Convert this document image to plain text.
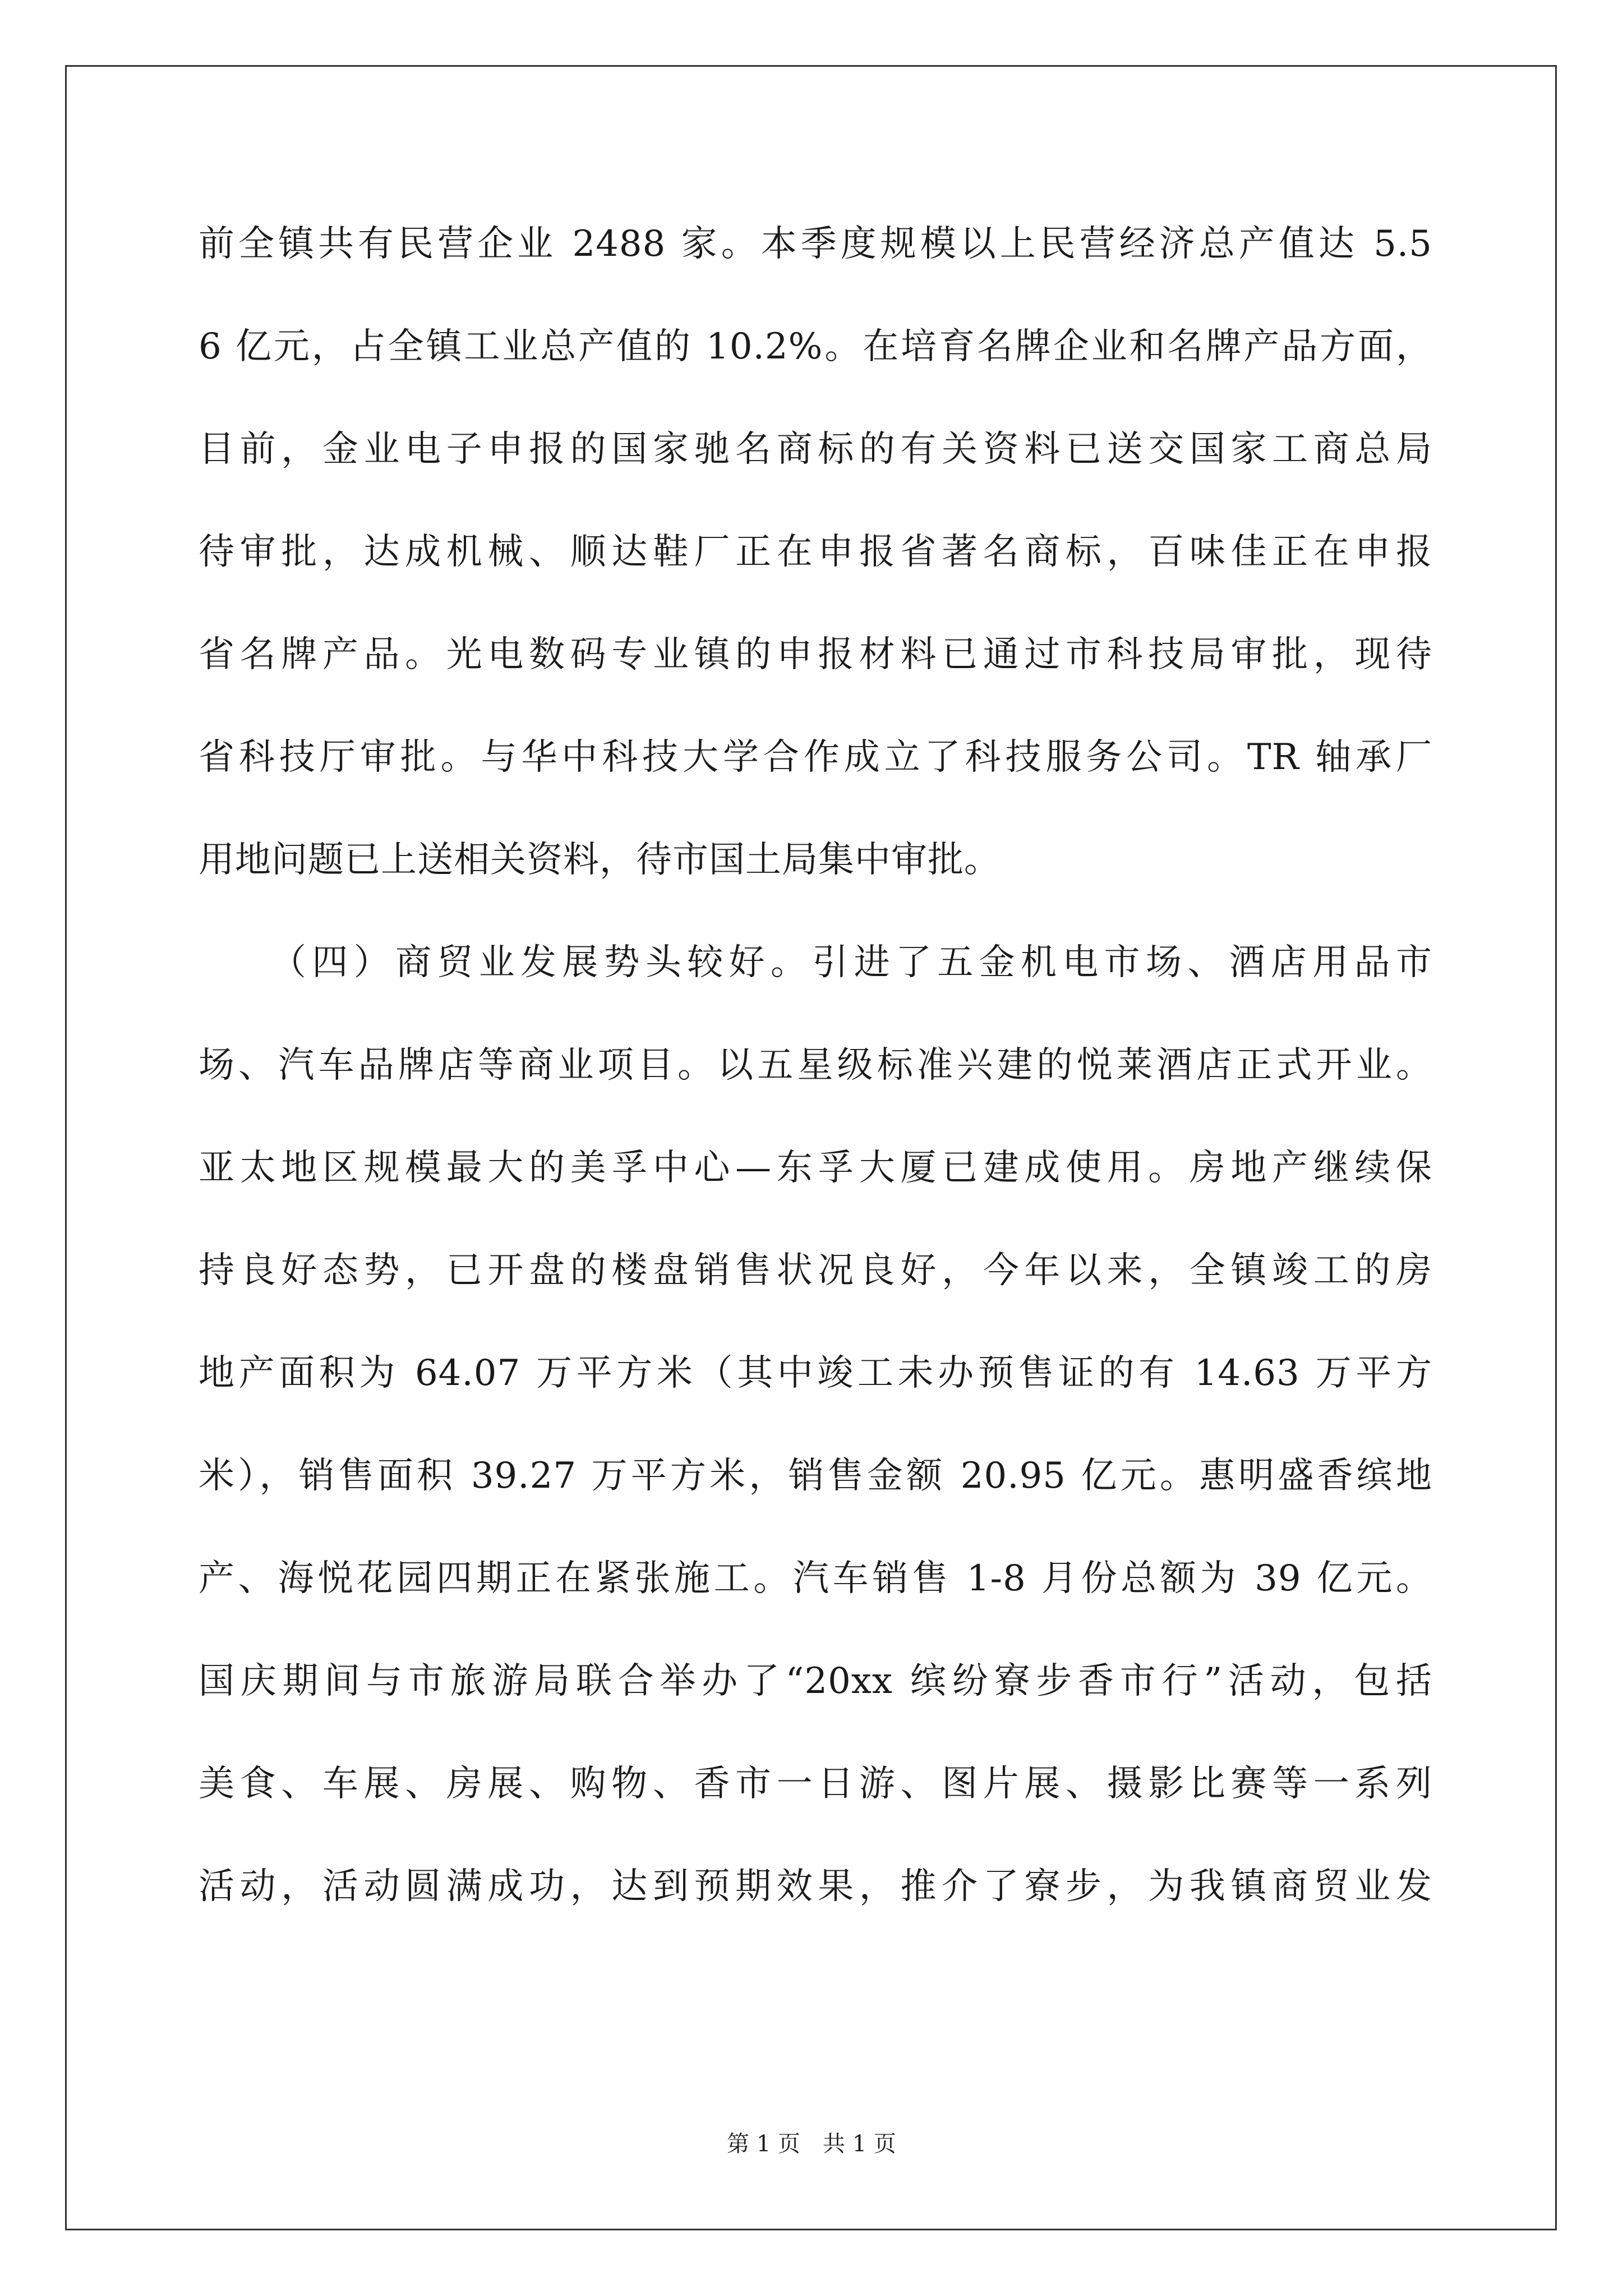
前全镇共有民营企业 2488 家。本季度规模以上民营经济总产值达 5.5
6 亿元，占全镇工业总产值的 10.2%。在培育名牌企业和名牌产品方面，
目前，金业电子申报的国家驰名商标的有关资料已送交国家工商总局
待审批，达成机械、顺达鞋厂正在申报省著名商标，百味佳正在申报
省名牌产品。光电数码专业镇的申报材料已通过市科技局审批，现待
省科技厅审批。与华中科技大学合作成立了科技服务公司。TR 轴承厂
用地问题已上送相关资料，待市国土局集中审批。
（四）商贸业发展势头较好。引进了五金机电市场、酒店用品市
场、汽车品牌店等商业项目。以五星级标准兴建的悦莱酒店正式开业。
亚太地区规模最大的美孚中心—东孚大厦已建成使用。房地产继续保
持良好态势，已开盘的楼盘销售状况良好，今年以来，全镇竣工的房
地产面积为 64.07 万平方米（其中竣工未办预售证的有 14.63 万平方
米），销售面积 39.27 万平方米，销售金额 20.95 亿元。惠明盛香缤地
产、海悦花园四期正在紧张施工。汽车销售 1-8 月份总额为 39 亿元。
国庆期间与市旅游局联合举办了“20xx 缤纷寮步香市行”活动，包括
美食、车展、房展、购物、香市一日游、图片展、摄影比赛等一系列
活动，活动圆满成功，达到预期效果，推介了寮步，为我镇商贸业发
第 1 页　共 1 页
